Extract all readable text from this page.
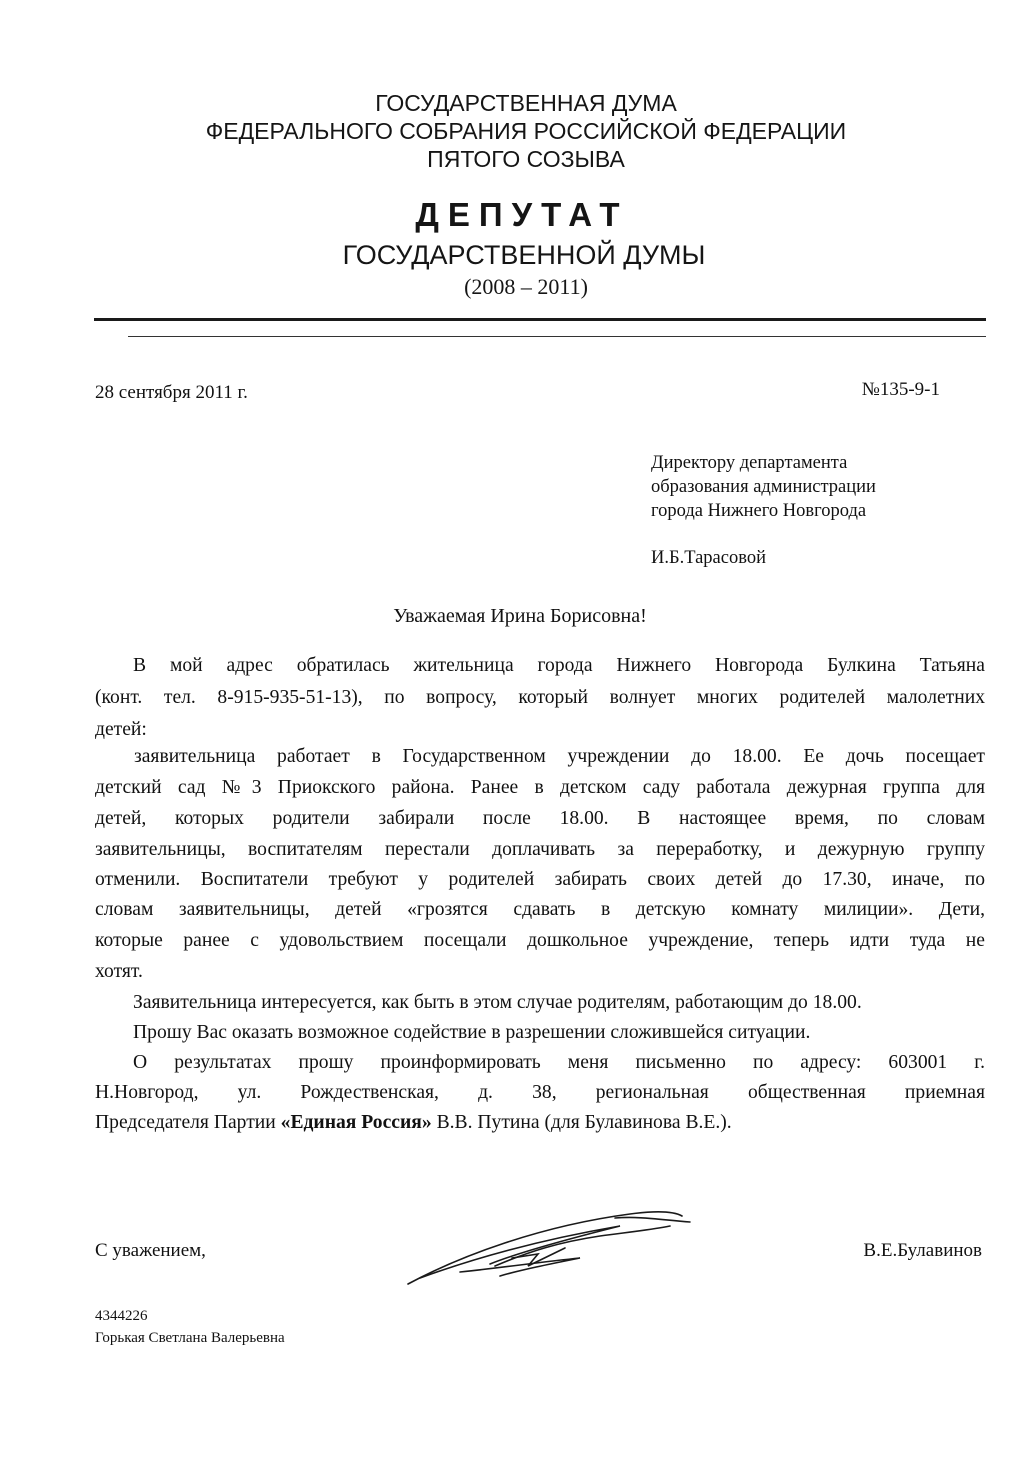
ГОСУДАРСТВЕННАЯ ДУМА
ФЕДЕРАЛЬНОГО СОБРАНИЯ РОССИЙСКОЙ ФЕДЕРАЦИИ
ПЯТОГО СОЗЫВА
ДЕПУТАТ
ГОСУДАРСТВЕННОЙ ДУМЫ
(2008 – 2011)
28 сентября 2011 г.	№135-9-1
Директору департамента
образования администрации
города Нижнего Новгорода
И.Б.Тарасовой
Уважаемая Ирина Борисовна!
В мой адрес обратилась жительница города Нижнего Новгорода Булкина Татьяна
(конт. тел. 8-915-935-51-13), по вопросу, который волнует многих родителей малолетних
детей:
заявительница работает в Государственном учреждении до 18.00. Ее дочь посещает
детский сад №3 Приокского района. Ранее в детском саду работала дежурная группа для
детей, которых родители забирали после 18.00. В настоящее время, по словам
заявительницы, воспитателям перестали доплачивать за переработку, и дежурную группу
отменили. Воспитатели требуют у родителей забирать своих детей до 17.30, иначе, по
словам заявительницы, детей «грозятся сдавать в детскую комнату милиции». Дети,
которые ранее с удовольствием посещали дошкольное учреждение, теперь идти туда не
хотят.
Заявительница интересуется, как быть в этом случае родителям, работающим до 18.00.
Прошу Вас оказать возможное содействие в разрешении сложившейся ситуации.
О результатах прошу проинформировать меня письменно по адресу: 603001 г.
Н.Новгород, ул. Рождественская, д. 38, региональная общественная приемная
Председателя Партии «Единая Россия» В.В. Путина (для Булавинова В.Е.).
С уважением,	В.Е.Булавинов
4344226
Горькая Светлана Валерьевна
